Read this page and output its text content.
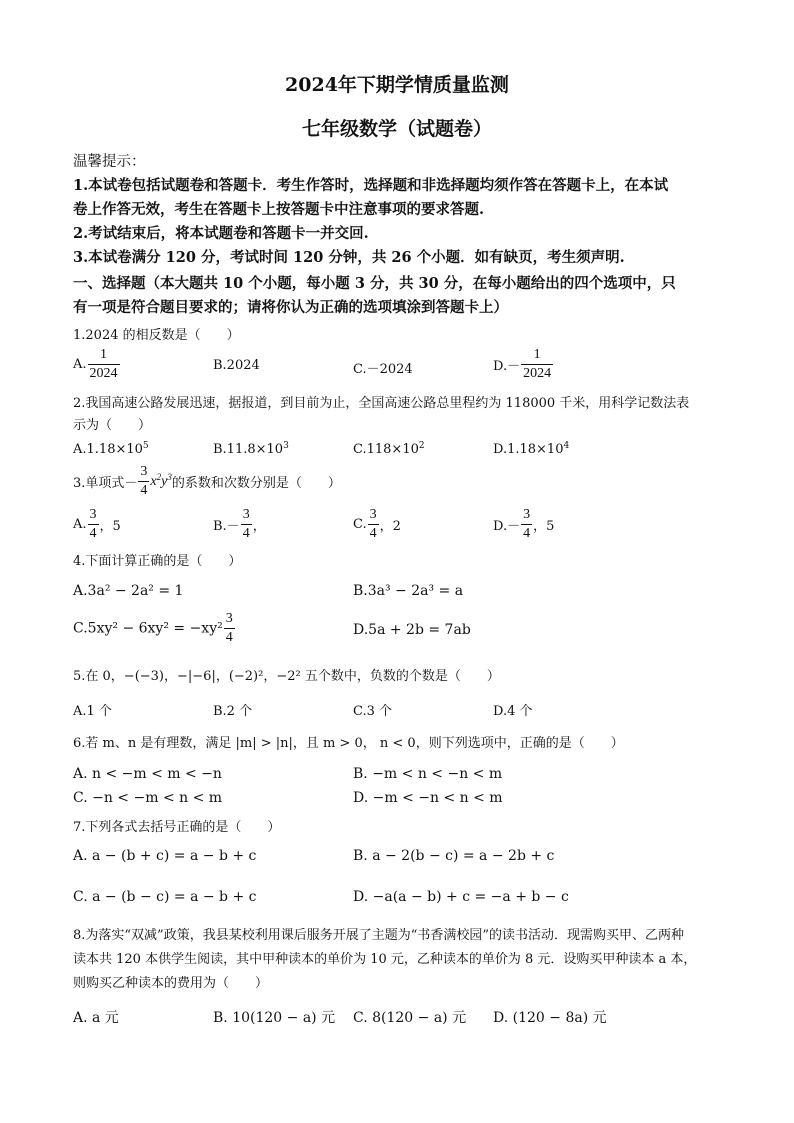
2024年下期学情质量监测
七年级数学（试题卷）
温馨提示：
1.本试卷包括试题卷和答题卡．考生作答时，选择题和非选择题均须作答在答题卡上，在本试
卷上作答无效，考生在答题卡上按答题卡中注意事项的要求答题.
2.考试结束后，将本试题卷和答题卡一并交回.
3.本试卷满分 120 分，考试时间 120 分钟，共 26 个小题．如有缺页，考生须声明.
一、选择题（本大题共 10 个小题，每小题 3 分，共 30 分，在每小题给出的四个选项中，只
有一项是符合题目要求的；请将你认为正确的选项填涂到答题卡上）
1.2024 的相反数是（　　）
A. $\frac{1}{2024}$	B.2024	C.－2024	$D.- \frac{1}{2024}$
2.我国高速公路发展迅速，据报道，到目前为止，全国高速公路总里程约为 118000 千米，用科学记数法表
示为（　　）
$A.1.18\times 10^5$	$B.11.8\times 10^3$	$C.118\times 10^2$	$D.1.18\times 10^4$
3.单项式－ $\frac{3}{4} x^2y^3$的系数和次数分别是（　　）
A. $\frac{3}{4}$ ，5	$B.- \frac{3}{4}$ ，	C. $\frac{3}{4}$ ，2	$D.- \frac{3}{4}$ ，5
4.下面计算正确的是（　　）
A.3a² − 2a² = 1	B.3a³ − 2a³ = a
$C.5xy^2 - 6xy^2 = -xy^2 \frac{3}{4}$	D.5a + 2b = 7ab
5.在 0，−(−3)，−|−6|，(−2)²，−2² 五个数中，负数的个数是（　　）
A.1 个	B.2 个	C.3 个	D.4 个
6.若 m、n 是有理数，满足 |m| > |n|，且 m > 0， n < 0，则下列选项中，正确的是（　　）
A. n < −m < m < −n	B. −m < n < −n < m
C. −n < −m < n < m	D. −m < −n < n < m
7.下列各式去括号正确的是（　　）
A. a − (b + c) = a − b + c	B. a − 2(b − c) = a − 2b + c
C. a − (b − c) = a − b + c	D. −a(a − b) + c = −a + b − c
8.为落实“双减”政策，我县某校利用课后服务开展了主题为“书香满校园”的读书活动．现需购买甲、乙两种
读本共 120 本供学生阅读，其中甲种读本的单价为 10 元，乙种读本的单价为 8 元．设购买甲种读本 a 本，
则购买乙种读本的费用为（　　）
A. a 元	B. 10(120 − a) 元 C. 8(120 − a) 元 D. (120 − 8a) 元
